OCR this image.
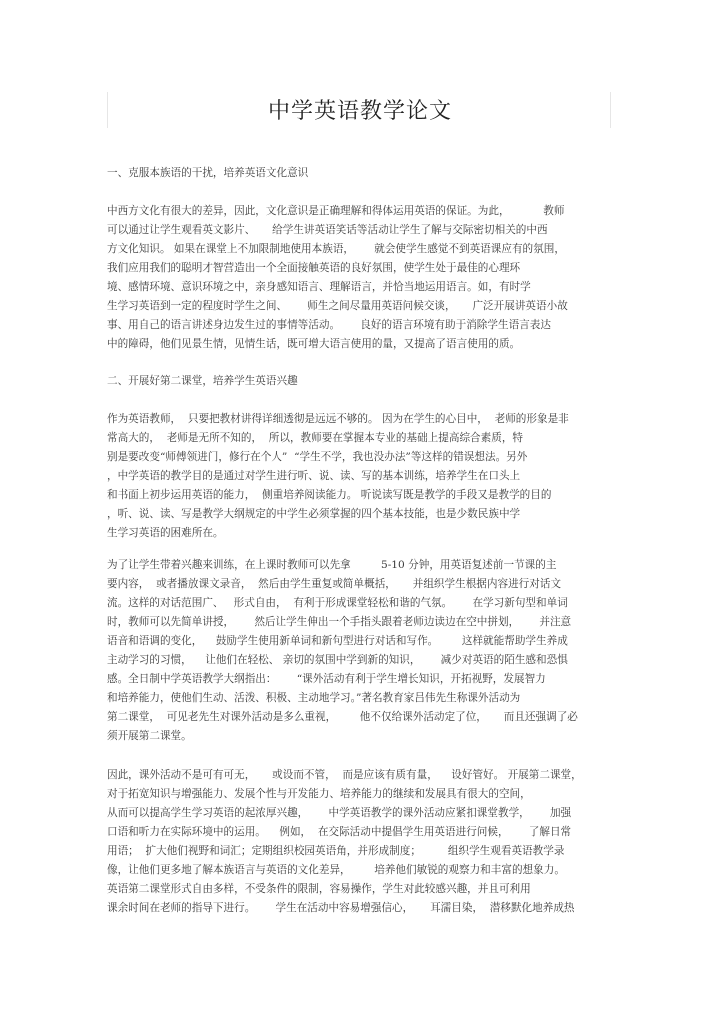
中学英语教学论文
一、克服本族语的干扰，培养英语文化意识
中西方文化有很大的差异，因此，文化意识是正确理解和得体运用英语的保证。为此，          教师
可以通过让学生观看英文影片、     给学生讲英语笑话等活动让学生了解与交际密切相关的中西
方文化知识。 如果在课堂上不加限制地使用本族语，      就会使学生感觉不到英语课应有的氛围，
我们应用我们的聪明才智营造出一个全面接触英语的良好氛围，使学生处于最佳的心理环
境、感情环境、意识环境之中，亲身感知语言、理解语言，并恰当地运用语言。如，有时学
生学习英语到一定的程度时学生之间、      师生之间尽量用英语问候交谈，     广泛开展讲英语小故
事、用自己的语言讲述身边发生过的事情等活动。      良好的语言环境有助于消除学生语言表达
中的障碍，他们见景生情，见情生话，既可增大语言使用的量，又提高了语言使用的质。
二、开展好第二课堂，培养学生英语兴趣
作为英语教师，  只要把教材讲得详细透彻是远远不够的。 因为在学生的心目中，  老师的形象是非
常高大的，  老师是无所不知的，  所以，教师要在掌握本专业的基础上提高综合素质，特
别是要改变“师傅领进门，修行在个人”  “学生不学，我也没办法”等这样的错误想法。另外
，中学英语的教学目的是通过对学生进行听、说、读、写的基本训练，培养学生在口头上
和书面上初步运用英语的能力，  侧重培养阅读能力。 听说读写既是教学的手段又是教学的目的
，听、说、读、写是教学大纲规定的中学生必须掌握的四个基本技能，也是少数民族中学
生学习英语的困难所在。
为了让学生带着兴趣来训练，在上课时教师可以先拿         5-10 分钟，用英语复述前一节课的主
要内容，  或者播放课文录音，  然后由学生重复或简单概括，     并组织学生根据内容进行对话文
流。这样的对话范围广、   形式自由，  有利于形成课堂轻松和谐的气氛。      在学习新句型和单词
时，教师可以先简单讲授，      然后让学生伸出一个手指头跟着老师边读边在空中拼划，      并注意
语音和语调的变化，    鼓励学生使用新单词和新句型进行对话和写作。       这样就能帮助学生养成
主动学习的习惯，    让他们在轻松、 亲切的氛围中学到新的知识，      减少对英语的陌生感和恐惧
感。全日制中学英语教学大纲指出：      “课外活动有利于学生增长知识，开拓视野，发展智力
和培养能力，使他们生动、活泼、积极、主动地学习。”著名教育家吕伟先生称课外活动为
第二课堂，  可见老先生对课外活动是多么重视，       他不仅给课外活动定了位，     而且还强调了必
须开展第二课堂。
因此，课外活动不是可有可无，     或设而不管，  而是应该有质有量，    设好管好。 开展第二课堂，
对于拓宽知识与增强能力、发展个性与开发能力、培养能力的继续和发展具有很大的空间，
从而可以提高学生学习英语的起浓厚兴趣，      中学英语教学的课外活动应紧扣课堂教学，      加强
口语和听力在实际环境中的运用。    例如，  在交际活动中提倡学生用英语进行问候，      了解日常
用语；  扩大他们视野和词汇；定期组织校园英语角，并形成制度；        组织学生观看英语教学录
像，让他们更多地了解本族语言与英语的文化差异，       培养他们敏锐的观察力和丰富的想象力。
英语第二课堂形式自由多样，不受条件的限制，容易操作，学生对此较感兴趣，并且可利用
课余时间在老师的指导下进行。      学生在活动中容易增强信心，     耳濡目染，  潜移默化地养成热
